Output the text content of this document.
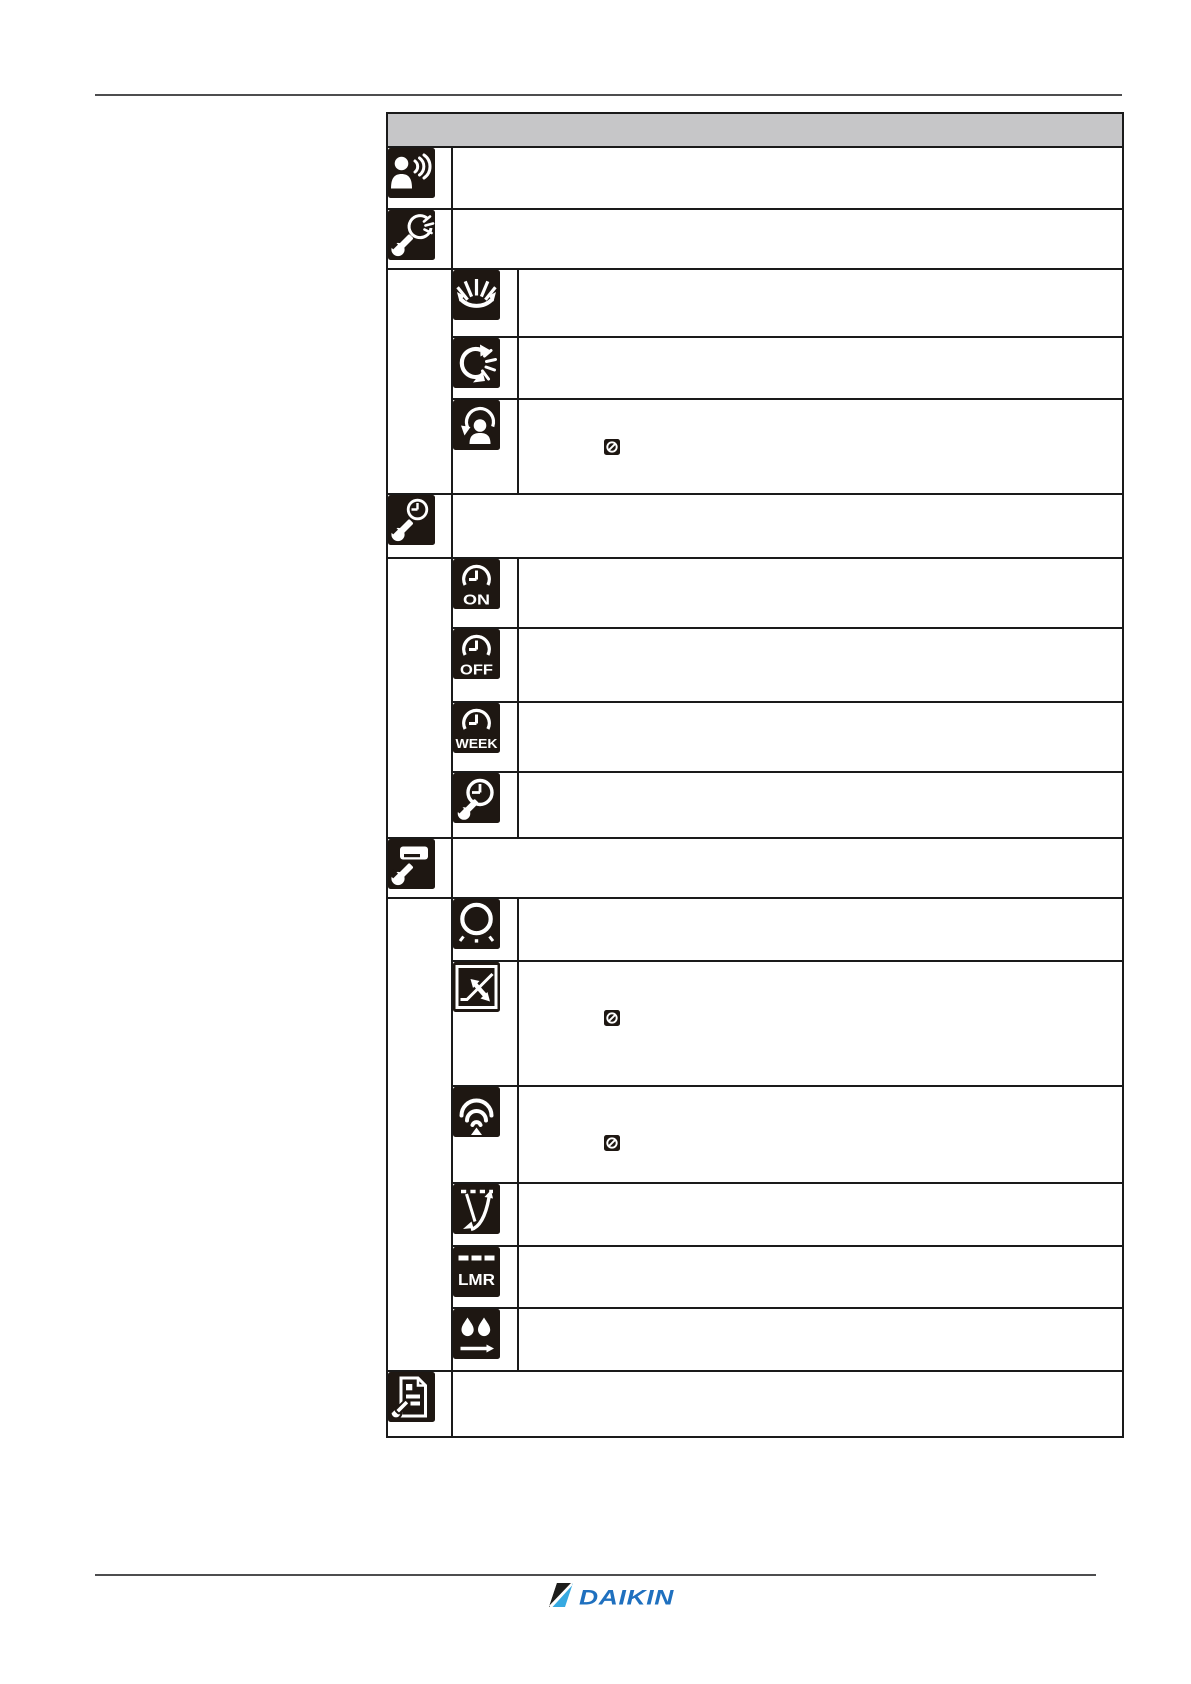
ON	

OFF	

WEEK	

LMR	

DAIKIN
